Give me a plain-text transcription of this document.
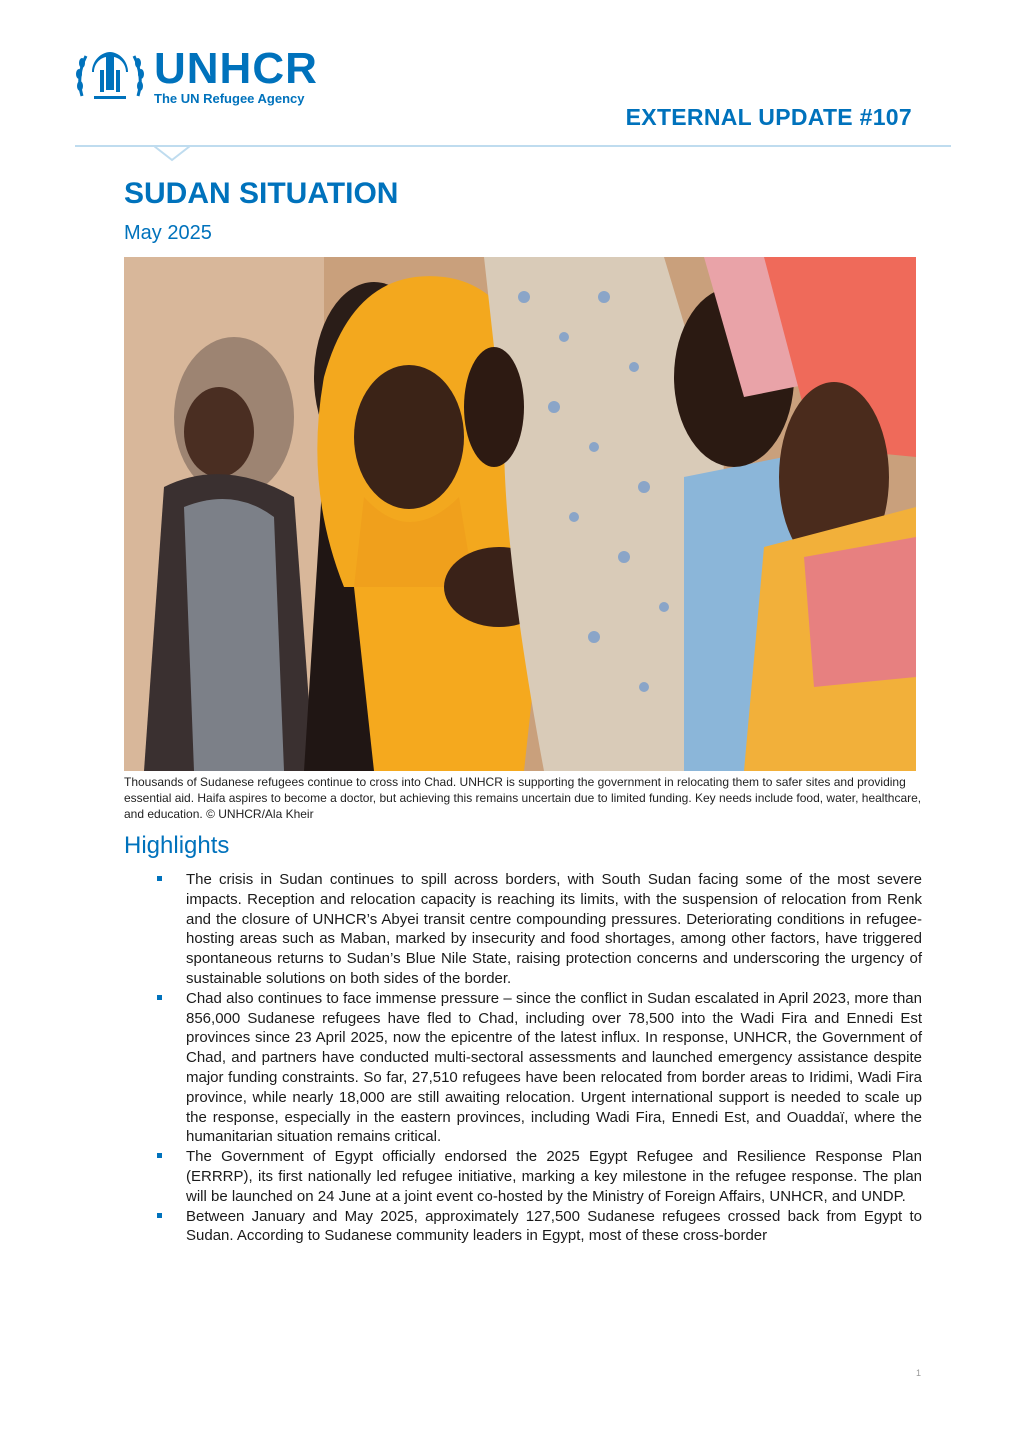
UNHCR
The UN Refugee Agency
EXTERNAL UPDATE #107
SUDAN SITUATION
May 2025
Thousands of Sudanese refugees continue to cross into Chad. UNHCR is supporting the government in relocating them to safer sites and providing essential aid. Haifa aspires to become a doctor, but achieving this remains uncertain due to limited funding. Key needs include food, water, healthcare, and education. © UNHCR/Ala Kheir
Highlights
The crisis in Sudan continues to spill across borders, with South Sudan facing some of the most severe impacts. Reception and relocation capacity is reaching its limits, with the suspension of relocation from Renk and the closure of UNHCR’s Abyei transit centre compounding pressures. Deteriorating conditions in refugee-hosting areas such as Maban, marked by insecurity and food shortages, among other factors, have triggered spontaneous returns to Sudan’s Blue Nile State, raising protection concerns and underscoring the urgency of sustainable solutions on both sides of the border.
Chad also continues to face immense pressure – since the conflict in Sudan escalated in April 2023, more than 856,000 Sudanese refugees have fled to Chad, including over 78,500 into the Wadi Fira and Ennedi Est provinces since 23 April 2025, now the epicentre of the latest influx. In response, UNHCR, the Government of Chad, and partners have conducted multi-sectoral assessments and launched emergency assistance despite major funding constraints. So far, 27,510 refugees have been relocated from border areas to Iridimi, Wadi Fira province, while nearly 18,000 are still awaiting relocation. Urgent international support is needed to scale up the response, especially in the eastern provinces, including Wadi Fira, Ennedi Est, and Ouaddaï, where the humanitarian situation remains critical.
The Government of Egypt officially endorsed the 2025 Egypt Refugee and Resilience Response Plan (ERRRP), its first nationally led refugee initiative, marking a key milestone in the refugee response. The plan will be launched on 24 June at a joint event co-hosted by the Ministry of Foreign Affairs, UNHCR, and UNDP.
Between January and May 2025, approximately 127,500 Sudanese refugees crossed back from Egypt to Sudan. According to Sudanese community leaders in Egypt, most of these cross-border
1
